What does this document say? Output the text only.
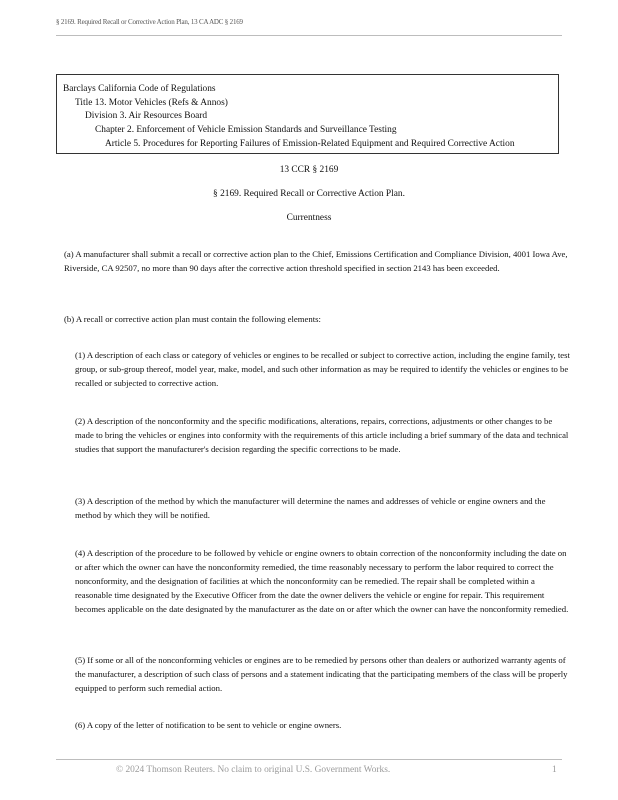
§ 2169. Required Recall or Corrective Action Plan, 13 CA ADC § 2169
Barclays California Code of Regulations
Title 13. Motor Vehicles (Refs & Annos)
Division 3. Air Resources Board
Chapter 2. Enforcement of Vehicle Emission Standards and Surveillance Testing
Article 5. Procedures for Reporting Failures of Emission-Related Equipment and Required Corrective Action
13 CCR § 2169
§ 2169. Required Recall or Corrective Action Plan.
Currentness
(a) A manufacturer shall submit a recall or corrective action plan to the Chief, Emissions Certification and Compliance Division, 4001 Iowa Ave, Riverside, CA 92507, no more than 90 days after the corrective action threshold specified in section 2143 has been exceeded.
(b) A recall or corrective action plan must contain the following elements:
(1) A description of each class or category of vehicles or engines to be recalled or subject to corrective action, including the engine family, test group, or sub-group thereof, model year, make, model, and such other information as may be required to identify the vehicles or engines to be recalled or subjected to corrective action.
(2) A description of the nonconformity and the specific modifications, alterations, repairs, corrections, adjustments or other changes to be made to bring the vehicles or engines into conformity with the requirements of this article including a brief summary of the data and technical studies that support the manufacturer's decision regarding the specific corrections to be made.
(3) A description of the method by which the manufacturer will determine the names and addresses of vehicle or engine owners and the method by which they will be notified.
(4) A description of the procedure to be followed by vehicle or engine owners to obtain correction of the nonconformity including the date on or after which the owner can have the nonconformity remedied, the time reasonably necessary to perform the labor required to correct the nonconformity, and the designation of facilities at which the nonconformity can be remedied. The repair shall be completed within a reasonable time designated by the Executive Officer from the date the owner delivers the vehicle or engine for repair. This requirement becomes applicable on the date designated by the manufacturer as the date on or after which the owner can have the nonconformity remedied.
(5) If some or all of the nonconforming vehicles or engines are to be remedied by persons other than dealers or authorized warranty agents of the manufacturer, a description of such class of persons and a statement indicating that the participating members of the class will be properly equipped to perform such remedial action.
(6) A copy of the letter of notification to be sent to vehicle or engine owners.
© 2024 Thomson Reuters. No claim to original U.S. Government Works.	1
